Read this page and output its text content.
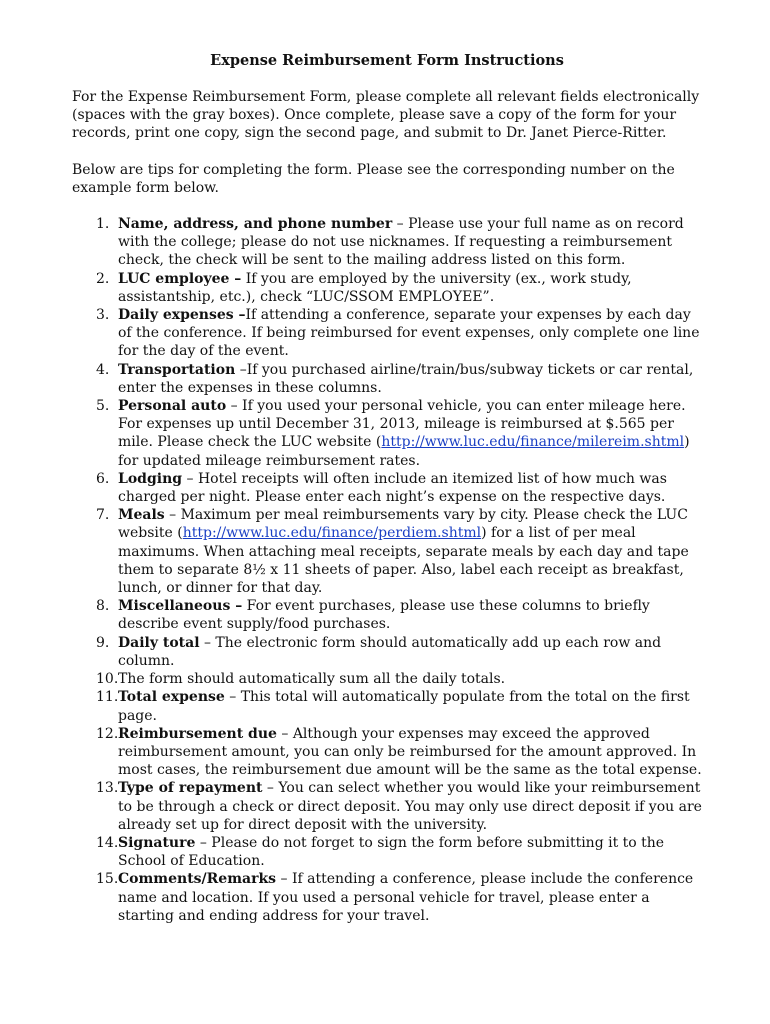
Expense Reimbursement Form Instructions

For the Expense Reimbursement Form, please complete all relevant fields electronically (spaces with the gray boxes). Once complete, please save a copy of the form for your records, print one copy, sign the second page, and submit to Dr. Janet Pierce-Ritter.

Below are tips for completing the form. Please see the corresponding number on the example form below.

1. Name, address, and phone number – Please use your full name as on record with the college; please do not use nicknames. If requesting a reimbursement check, the check will be sent to the mailing address listed on this form.
2. LUC employee – If you are employed by the university (ex., work study, assistantship, etc.), check “LUC/SSOM EMPLOYEE”.
3. Daily expenses –If attending a conference, separate your expenses by each day of the conference. If being reimbursed for event expenses, only complete one line for the day of the event.
4. Transportation –If you purchased airline/train/bus/subway tickets or car rental, enter the expenses in these columns.
5. Personal auto – If you used your personal vehicle, you can enter mileage here. For expenses up until December 31, 2013, mileage is reimbursed at $.565 per mile. Please check the LUC website (http://www.luc.edu/finance/milereim.shtml) for updated mileage reimbursement rates.
6. Lodging – Hotel receipts will often include an itemized list of how much was charged per night. Please enter each night’s expense on the respective days.
7. Meals – Maximum per meal reimbursements vary by city. Please check the LUC website (http://www.luc.edu/finance/perdiem.shtml) for a list of per meal maximums. When attaching meal receipts, separate meals by each day and tape them to separate 8½ x 11 sheets of paper. Also, label each receipt as breakfast, lunch, or dinner for that day.
8. Miscellaneous – For event purchases, please use these columns to briefly describe event supply/food purchases.
9. Daily total – The electronic form should automatically add up each row and column.
10. The form should automatically sum all the daily totals.
11. Total expense – This total will automatically populate from the total on the first page.
12. Reimbursement due – Although your expenses may exceed the approved reimbursement amount, you can only be reimbursed for the amount approved. In most cases, the reimbursement due amount will be the same as the total expense.
13. Type of repayment – You can select whether you would like your reimbursement to be through a check or direct deposit. You may only use direct deposit if you are already set up for direct deposit with the university.
14. Signature – Please do not forget to sign the form before submitting it to the School of Education.
15. Comments/Remarks – If attending a conference, please include the conference name and location. If you used a personal vehicle for travel, please enter a starting and ending address for your travel.
